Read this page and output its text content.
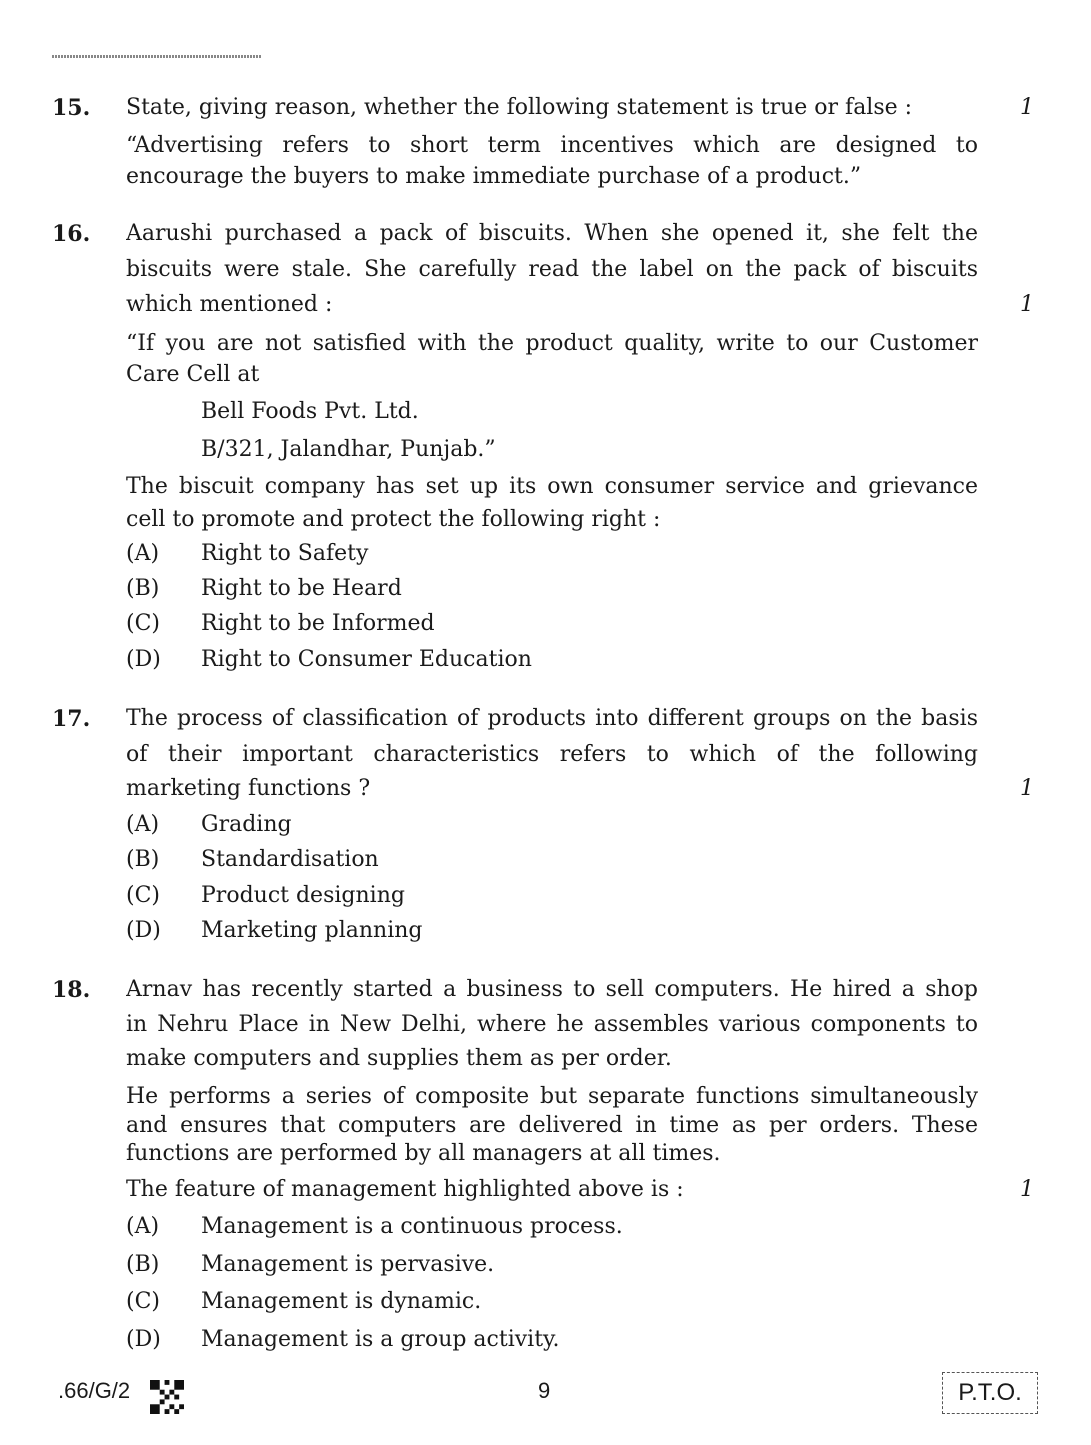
15. State, giving reason, whether the following statement is true or false :	1
“Advertising refers to short term incentives which are designed to
encourage the buyers to make immediate purchase of a product.”
16. Aarushi purchased a pack of biscuits. When she opened it, she felt the
biscuits were stale. She carefully read the label on the pack of biscuits
which mentioned :	1
“If you are not satisfied with the product quality, write to our Customer
Care Cell at
Bell Foods Pvt. Ltd.
B/321, Jalandhar, Punjab.”
The biscuit company has set up its own consumer service and grievance
cell to promote and protect the following right :
(A) Right to Safety
(B) Right to be Heard
(C) Right to be Informed
(D) Right to Consumer Education
17. The process of classification of products into different groups on the basis
of their important characteristics refers to which of the following
marketing functions ?	1
(A) Grading
(B) Standardisation
(C) Product designing
(D) Marketing planning
18. Arnav has recently started a business to sell computers. He hired a shop
in Nehru Place in New Delhi, where he assembles various components to
make computers and supplies them as per order.
He performs a series of composite but separate functions simultaneously
and ensures that computers are delivered in time as per orders. These
functions are performed by all managers at all times.
The feature of management highlighted above is :	1
(A) Management is a continuous process.
(B) Management is pervasive.
(C) Management is dynamic.
(D) Management is a group activity.
.66/G/2	9	P.T.O.
